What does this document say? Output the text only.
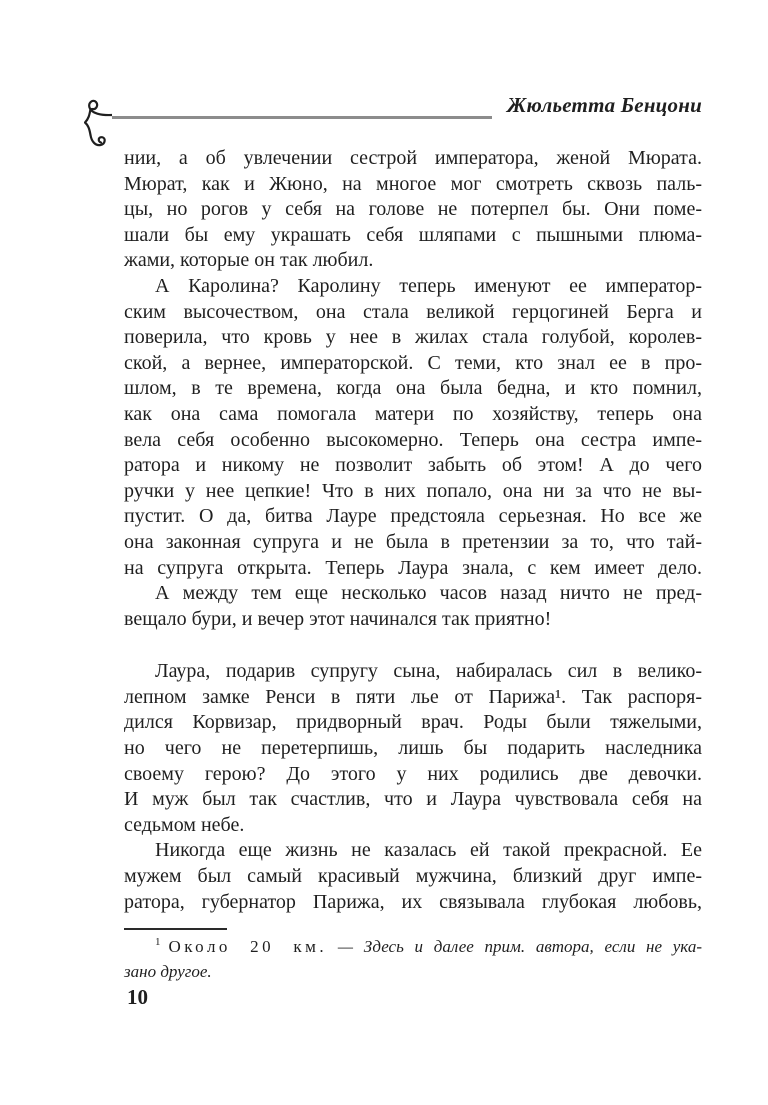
Жюльетта Бенцони
нии, а об увлечении сестрой императора, женой Мюрата.
Мюрат, как и Жюно, на многое мог смотреть сквозь паль-
цы, но рогов у себя на голове не потерпел бы. Они поме-
шали бы ему украшать себя шляпами с пышными плюма-
жами, которые он так любил.
А Каролина? Каролину теперь именуют ее император-
ским высочеством, она стала великой герцогиней Берга и
поверила, что кровь у нее в жилах стала голубой, королев-
ской, а вернее, императорской. С теми, кто знал ее в про-
шлом, в те времена, когда она была бедна, и кто помнил,
как она сама помогала матери по хозяйству, теперь она
вела себя особенно высокомерно. Теперь она сестра импе-
ратора и никому не позволит забыть об этом! А до чего
ручки у нее цепкие! Что в них попало, она ни за что не вы-
пустит. О да, битва Лауре предстояла серьезная. Но все же
она законная супруга и не была в претензии за то, что тай-
на супруга открыта. Теперь Лаура знала, с кем имеет дело.
А между тем еще несколько часов назад ничто не пред-
вещало бури, и вечер этот начинался так приятно!
Лаура, подарив супругу сына, набиралась сил в велико-
лепном замке Ренси в пяти лье от Парижа¹. Так распоря-
дился Корвизар, придворный врач. Роды были тяжелыми,
но чего не перетерпишь, лишь бы подарить наследника
своему герою? До этого у них родились две девочки.
И муж был так счастлив, что и Лаура чувствовала себя на
седьмом небе.
Никогда еще жизнь не казалась ей такой прекрасной. Ее
мужем был самый красивый мужчина, близкий друг импе-
ратора, губернатор Парижа, их связывала глубокая любовь,
$^1$ Около 20 км. — Здесь и далее прим. автора, если не ука-
зано другое.
10
